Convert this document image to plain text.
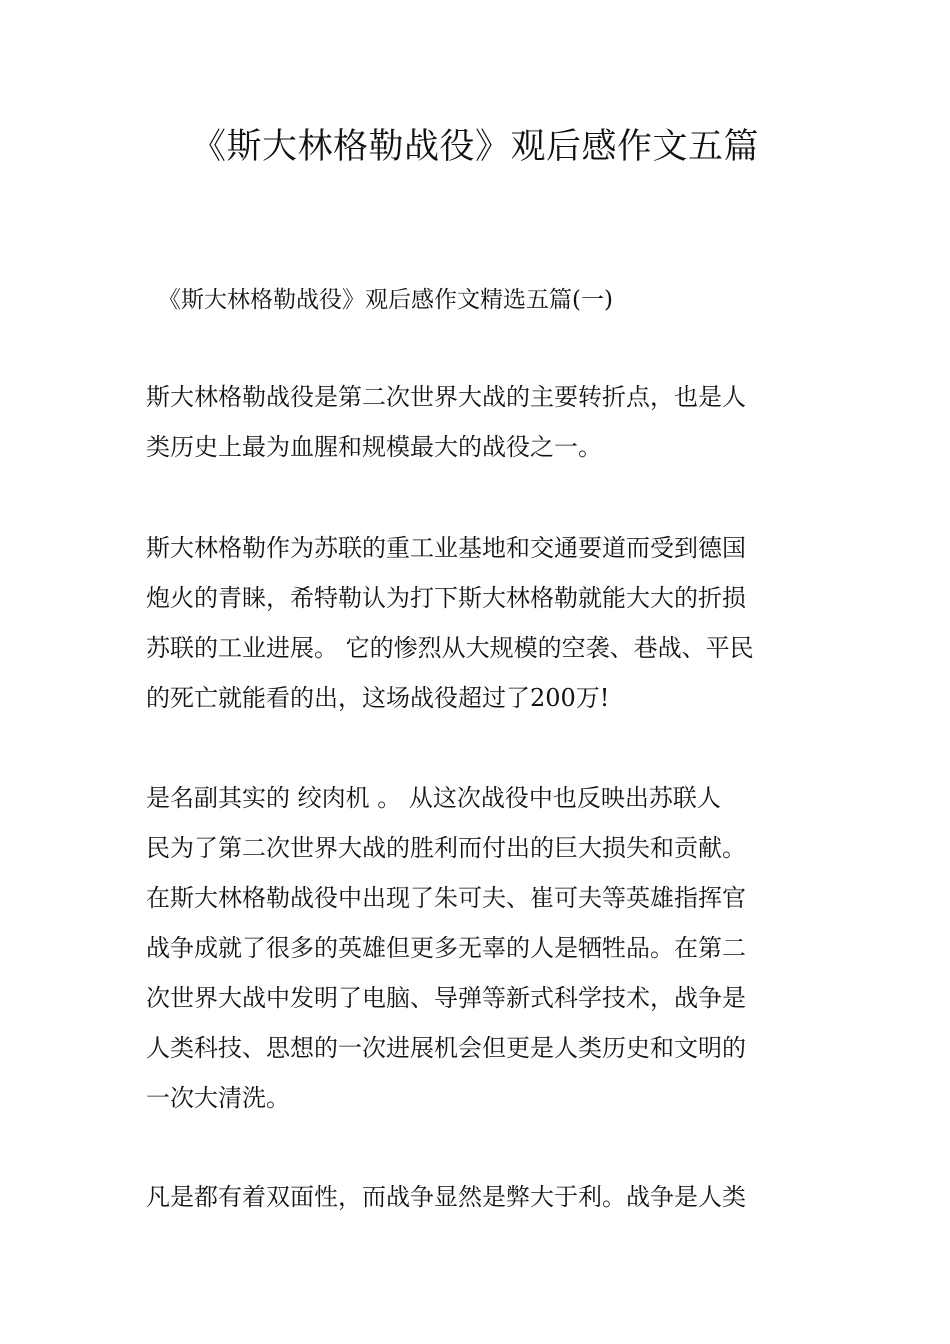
《斯大林格勒战役》观后感作文五篇

《斯大林格勒战役》观后感作文精选五篇(一)

斯大林格勒战役是第二次世界大战的主要转折点，也是人
类历史上最为血腥和规模最大的战役之一。

斯大林格勒作为苏联的重工业基地和交通要道而受到德国
炮火的青睐，希特勒认为打下斯大林格勒就能大大的折损
苏联的工业进展。 它的惨烈从大规模的空袭、巷战、平民
的死亡就能看的出，这场战役超过了200万!

是名副其实的 绞肉机 。 从这次战役中也反映出苏联人
民为了第二次世界大战的胜利而付出的巨大损失和贡献。
在斯大林格勒战役中出现了朱可夫、崔可夫等英雄指挥官
战争成就了很多的英雄但更多无辜的人是牺牲品。在第二
次世界大战中发明了电脑、导弹等新式科学技术，战争是
人类科技、思想的一次进展机会但更是人类历史和文明的
一次大清洗。

凡是都有着双面性，而战争显然是弊大于利。战争是人类
